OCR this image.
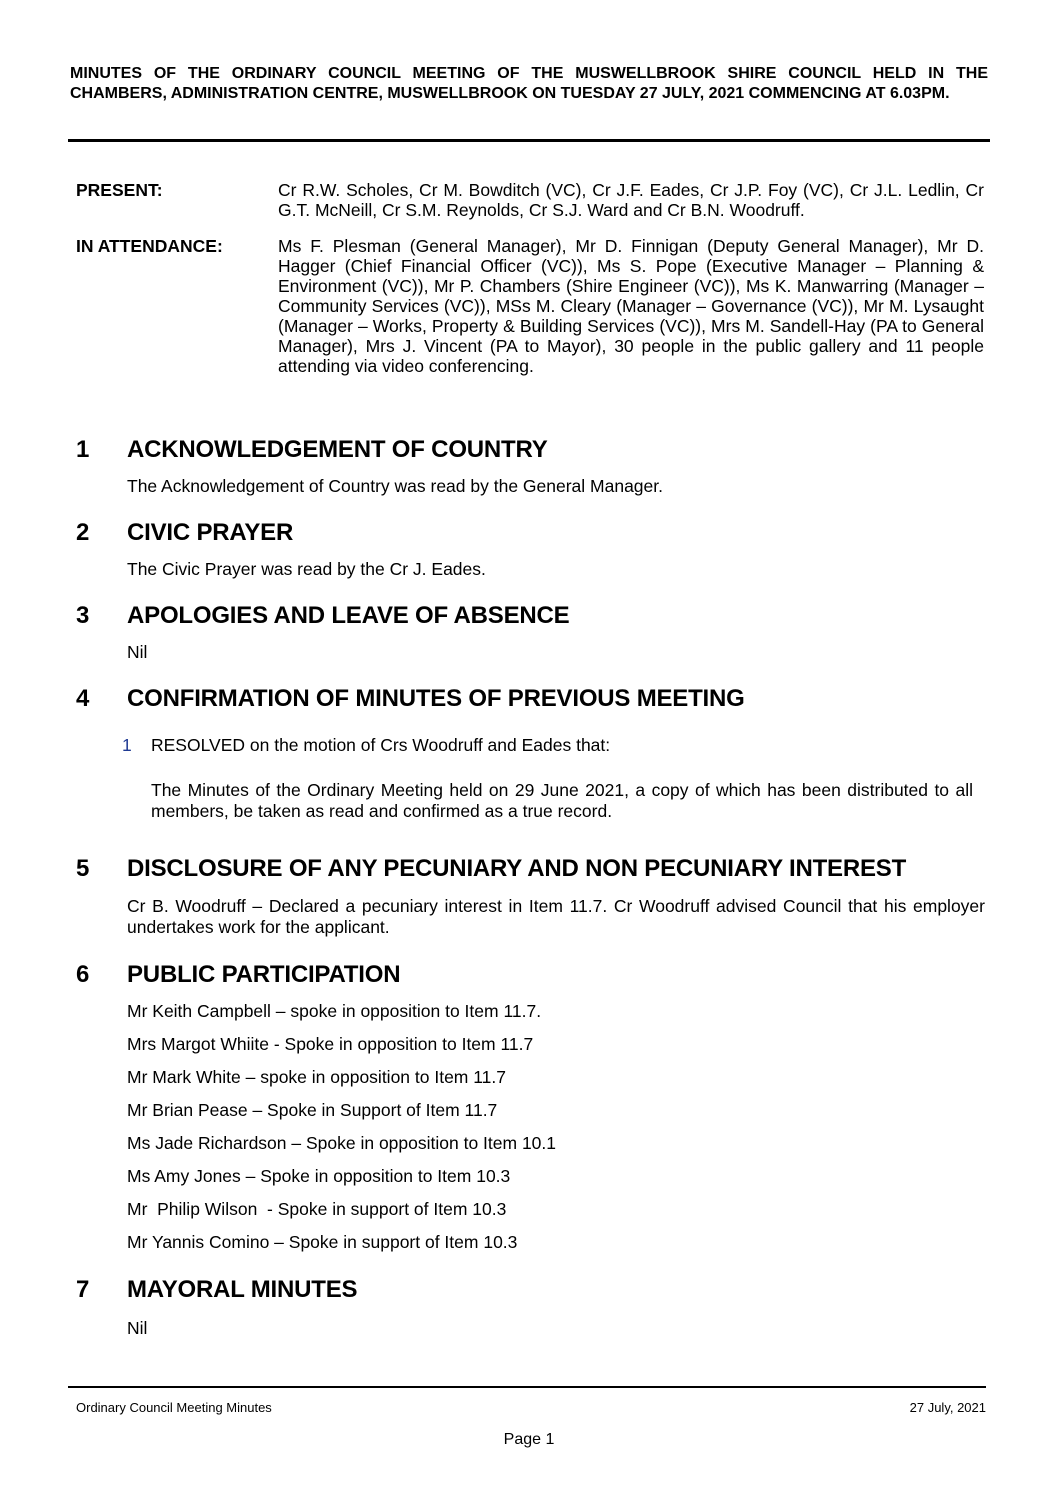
MINUTES OF THE ORDINARY COUNCIL MEETING OF THE MUSWELLBROOK SHIRE COUNCIL HELD IN THE CHAMBERS, ADMINISTRATION CENTRE, MUSWELLBROOK ON TUESDAY 27 JULY, 2021 COMMENCING AT 6.03PM.
PRESENT:	Cr R.W. Scholes, Cr M. Bowditch (VC), Cr J.F. Eades, Cr J.P. Foy (VC), Cr J.L. Ledlin, Cr G.T. McNeill, Cr S.M. Reynolds, Cr S.J. Ward and Cr B.N. Woodruff.
IN ATTENDANCE:	Ms F. Plesman (General Manager), Mr D. Finnigan (Deputy General Manager), Mr D. Hagger (Chief Financial Officer (VC)), Ms S. Pope (Executive Manager – Planning & Environment (VC)), Mr P. Chambers (Shire Engineer (VC)), Ms K. Manwarring (Manager – Community Services (VC)), MSs M. Cleary (Manager – Governance (VC)), Mr M. Lysaught (Manager – Works, Property & Building Services (VC)), Mrs M. Sandell-Hay (PA to General Manager), Mrs J. Vincent (PA to Mayor), 30 people in the public gallery and 11 people attending via video conferencing.
1 ACKNOWLEDGEMENT OF COUNTRY
The Acknowledgement of Country was read by the General Manager.
2 CIVIC PRAYER
The Civic Prayer was read by the Cr J. Eades.
3 APOLOGIES AND LEAVE OF ABSENCE
Nil
4 CONFIRMATION OF MINUTES OF PREVIOUS MEETING
1 RESOLVED on the motion of Crs Woodruff and Eades that:
The Minutes of the Ordinary Meeting held on 29 June 2021, a copy of which has been distributed to all members, be taken as read and confirmed as a true record.
5 DISCLOSURE OF ANY PECUNIARY AND NON PECUNIARY INTEREST
Cr B. Woodruff – Declared a pecuniary interest in Item 11.7. Cr Woodruff advised Council that his employer undertakes work for the applicant.
6 PUBLIC PARTICIPATION
Mr Keith Campbell – spoke in opposition to Item 11.7.
Mrs Margot Whiite - Spoke in opposition to Item 11.7
Mr Mark White – spoke in opposition to Item 11.7
Mr Brian Pease – Spoke in Support of Item 11.7
Ms Jade Richardson – Spoke in opposition to Item 10.1
Ms Amy Jones – Spoke in opposition to Item 10.3
Mr  Philip Wilson  - Spoke in support of Item 10.3
Mr Yannis Comino – Spoke in support of Item 10.3
7 MAYORAL MINUTES
Nil
Ordinary Council Meeting Minutes	27 July, 2021
Page 1
